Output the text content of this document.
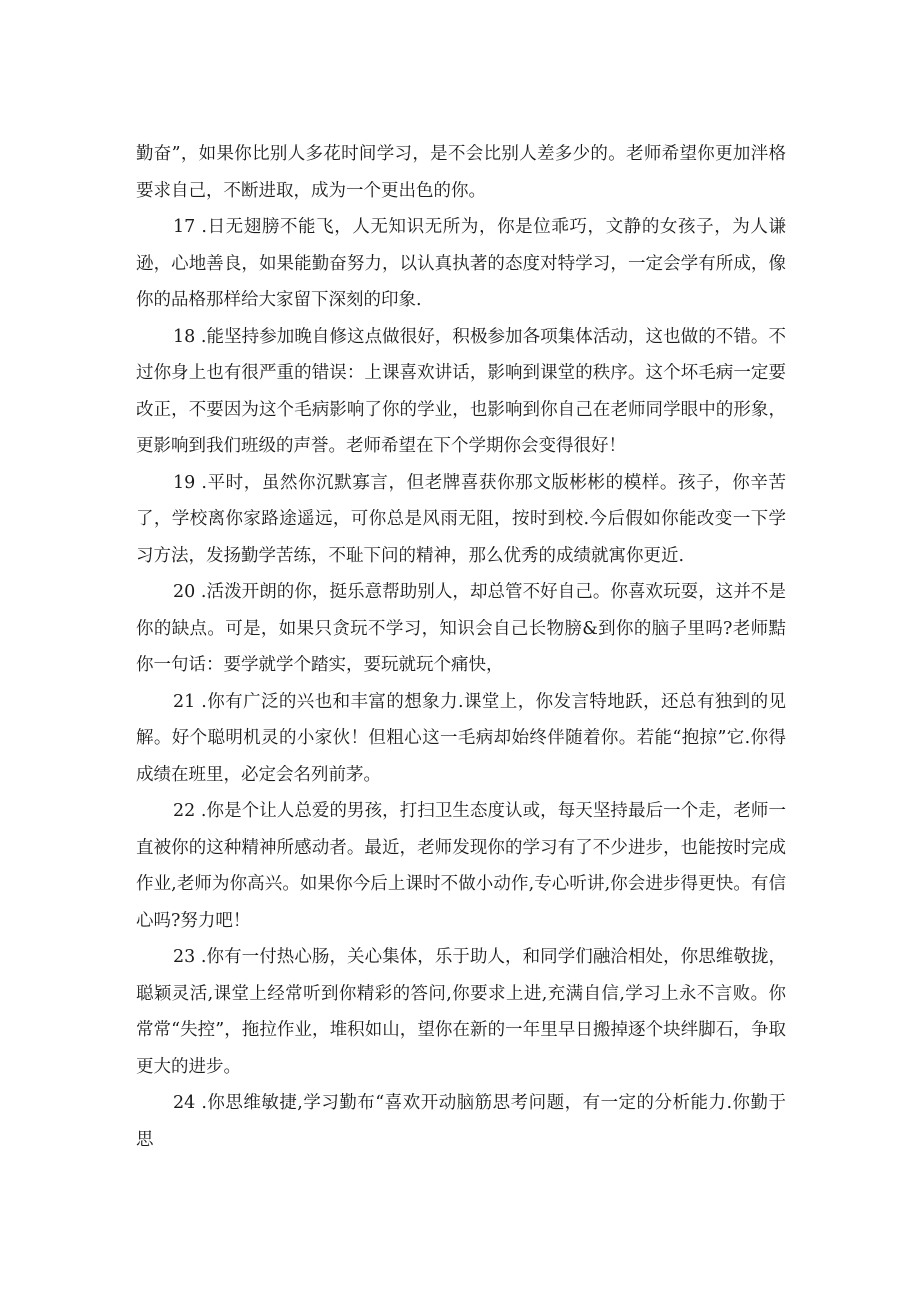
勤奋”，如果你比别人多花时间学习，是不会比别人差多少的。老师希望你更加泮格要求自己，不断进取，成为一个更出色的你。

17 .日无翅膀不能飞，人无知识无所为，你是位乖巧，文静的女孩子，为人谦逊，心地善良，如果能勤奋努力，以认真执著的态度对特学习，一定会学有所成，像你的品格那样给大家留下深刻的印象.

18 .能坚持参加晚自修这点做很好，积极参加各项集体活动，这也做的不错。不过你身上也有很严重的错误：上课喜欢讲话，影响到课堂的秩序。这个坏毛病一定要改正，不要因为这个毛病影响了你的学业，也影响到你自己在老师同学眼中的形象，更影响到我们班级的声誉。老师希望在下个学期你会变得很好！

19 .平时，虽然你沉默寡言，但老牌喜获你那文版彬彬的模样。孩子，你辛苦了，学校离你家路途遥远，可你总是风雨无阻，按时到校.今后假如你能改变一下学习方法，发扬勤学苦练，不耻下问的精神，那么优秀的成绩就寓你更近.

20 .活泼开朗的你，挺乐意帮助别人，却总管不好自己。你喜欢玩耍，这并不是你的缺点。可是，如果只贪玩不学习，知识会自己长物膀&到你的脑子里吗?老师黠你一句话：要学就学个踏实，要玩就玩个痛快，

21 .你有广泛的兴也和丰富的想象力.课堂上，你发言特地跃，还总有独到的见解。好个聪明机灵的小家伙！但粗心这一毛病却始终伴随着你。若能“抱掠”它.你得成绩在班里，必定会名列前茅。

22 .你是个让人总爱的男孩，打扫卫生态度认或，每天坚持最后一个走，老师一直被你的这种精神所感动者。最近，老师发现你的学习有了不少进步，也能按时完成作业,老师为你高兴。如果你今后上课时不做小动作,专心听讲,你会进步得更快。有信心吗?努力吧！

23 .你有一付热心肠，关心集体，乐于助人，和同学们融洽相处，你思维敬拢，聪颖灵活,课堂上经常听到你精彩的答问,你要求上进,充满自信,学习上永不言败。你常常“失控”，拖拉作业，堆积如山，望你在新的一年里早日搬掉逐个块绊脚石，争取更大的进步。

24 .你思维敏捷,学习勤布“喜欢开动脑筋思考问题，有一定的分析能力.你勤于思
